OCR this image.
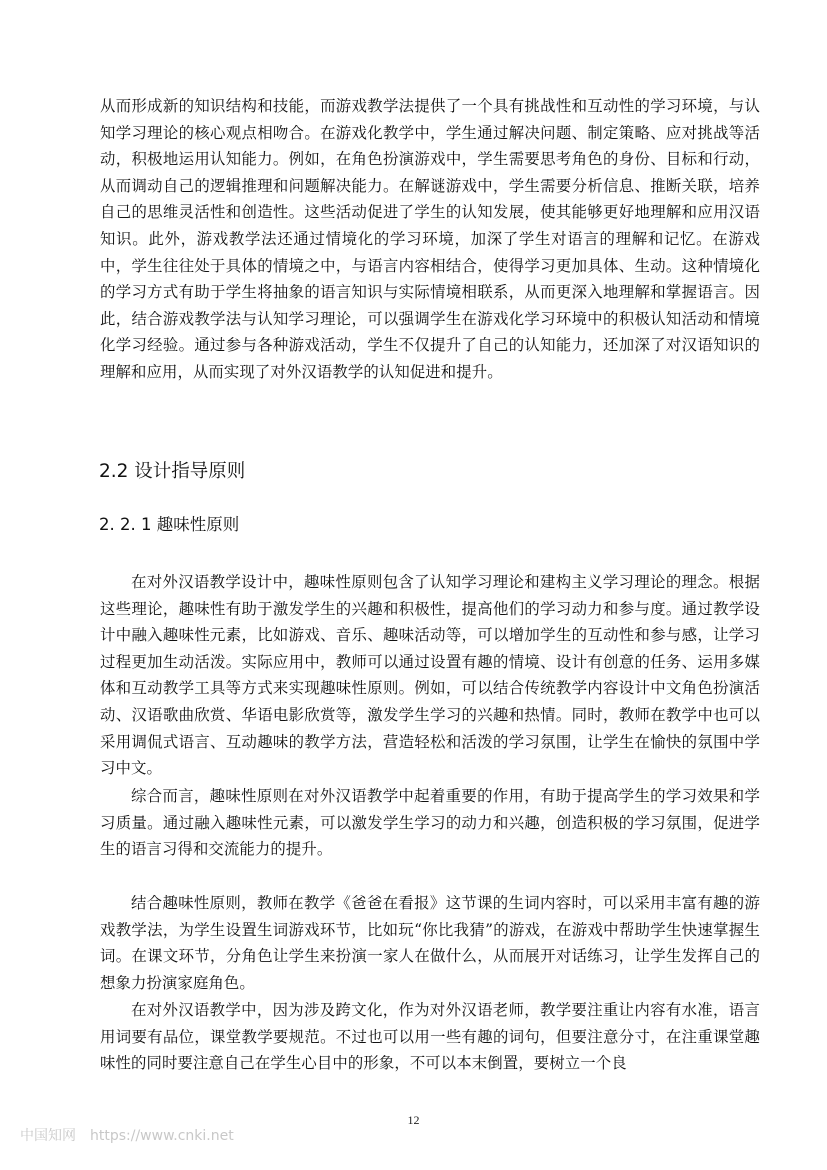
从而形成新的知识结构和技能，而游戏教学法提供了一个具有挑战性和互动性的学习环境，与认知学习理论的核心观点相吻合。在游戏化教学中，学生通过解决问题、制定策略、应对挑战等活动，积极地运用认知能力。例如，在角色扮演游戏中，学生需要思考角色的身份、目标和行动，从而调动自己的逻辑推理和问题解决能力。在解谜游戏中，学生需要分析信息、推断关联，培养自己的思维灵活性和创造性。这些活动促进了学生的认知发展，使其能够更好地理解和应用汉语知识。此外，游戏教学法还通过情境化的学习环境，加深了学生对语言的理解和记忆。在游戏中，学生往往处于具体的情境之中，与语言内容相结合，使得学习更加具体、生动。这种情境化的学习方式有助于学生将抽象的语言知识与实际情境相联系，从而更深入地理解和掌握语言。因此，结合游戏教学法与认知学习理论，可以强调学生在游戏化学习环境中的积极认知活动和情境化学习经验。通过参与各种游戏活动，学生不仅提升了自己的认知能力，还加深了对汉语知识的理解和应用，从而实现了对外汉语教学的认知促进和提升。

2.2 设计指导原则
2. 2. 1 趣味性原则

在对外汉语教学设计中，趣味性原则包含了认知学习理论和建构主义学习理论的理念。根据这些理论，趣味性有助于激发学生的兴趣和积极性，提高他们的学习动力和参与度。通过教学设计中融入趣味性元素，比如游戏、音乐、趣味活动等，可以增加学生的互动性和参与感，让学习过程更加生动活泼。实际应用中，教师可以通过设置有趣的情境、设计有创意的任务、运用多媒体和互动教学工具等方式来实现趣味性原则。例如，可以结合传统教学内容设计中文角色扮演活动、汉语歌曲欣赏、华语电影欣赏等，激发学生学习的兴趣和热情。同时，教师在教学中也可以采用调侃式语言、互动趣味的教学方法，营造轻松和活泼的学习氛围，让学生在愉快的氛围中学习中文。

综合而言，趣味性原则在对外汉语教学中起着重要的作用，有助于提高学生的学习效果和学习质量。通过融入趣味性元素，可以激发学生学习的动力和兴趣，创造积极的学习氛围，促进学生的语言习得和交流能力的提升。

结合趣味性原则，教师在教学《爸爸在看报》这节课的生词内容时，可以采用丰富有趣的游戏教学法，为学生设置生词游戏环节，比如玩“你比我猜”的游戏，在游戏中帮助学生快速掌握生词。在课文环节，分角色让学生来扮演一家人在做什么，从而展开对话练习，让学生发挥自己的想象力扮演家庭角色。

在对外汉语教学中，因为涉及跨文化，作为对外汉语老师，教学要注重让内容有水准，语言用词要有品位，课堂教学要规范。不过也可以用一些有趣的词句，但要注意分寸，在注重课堂趣味性的同时要注意自己在学生心目中的形象，不可以本末倒置，要树立一个良

12
中国知网 https://www.cnki.net
